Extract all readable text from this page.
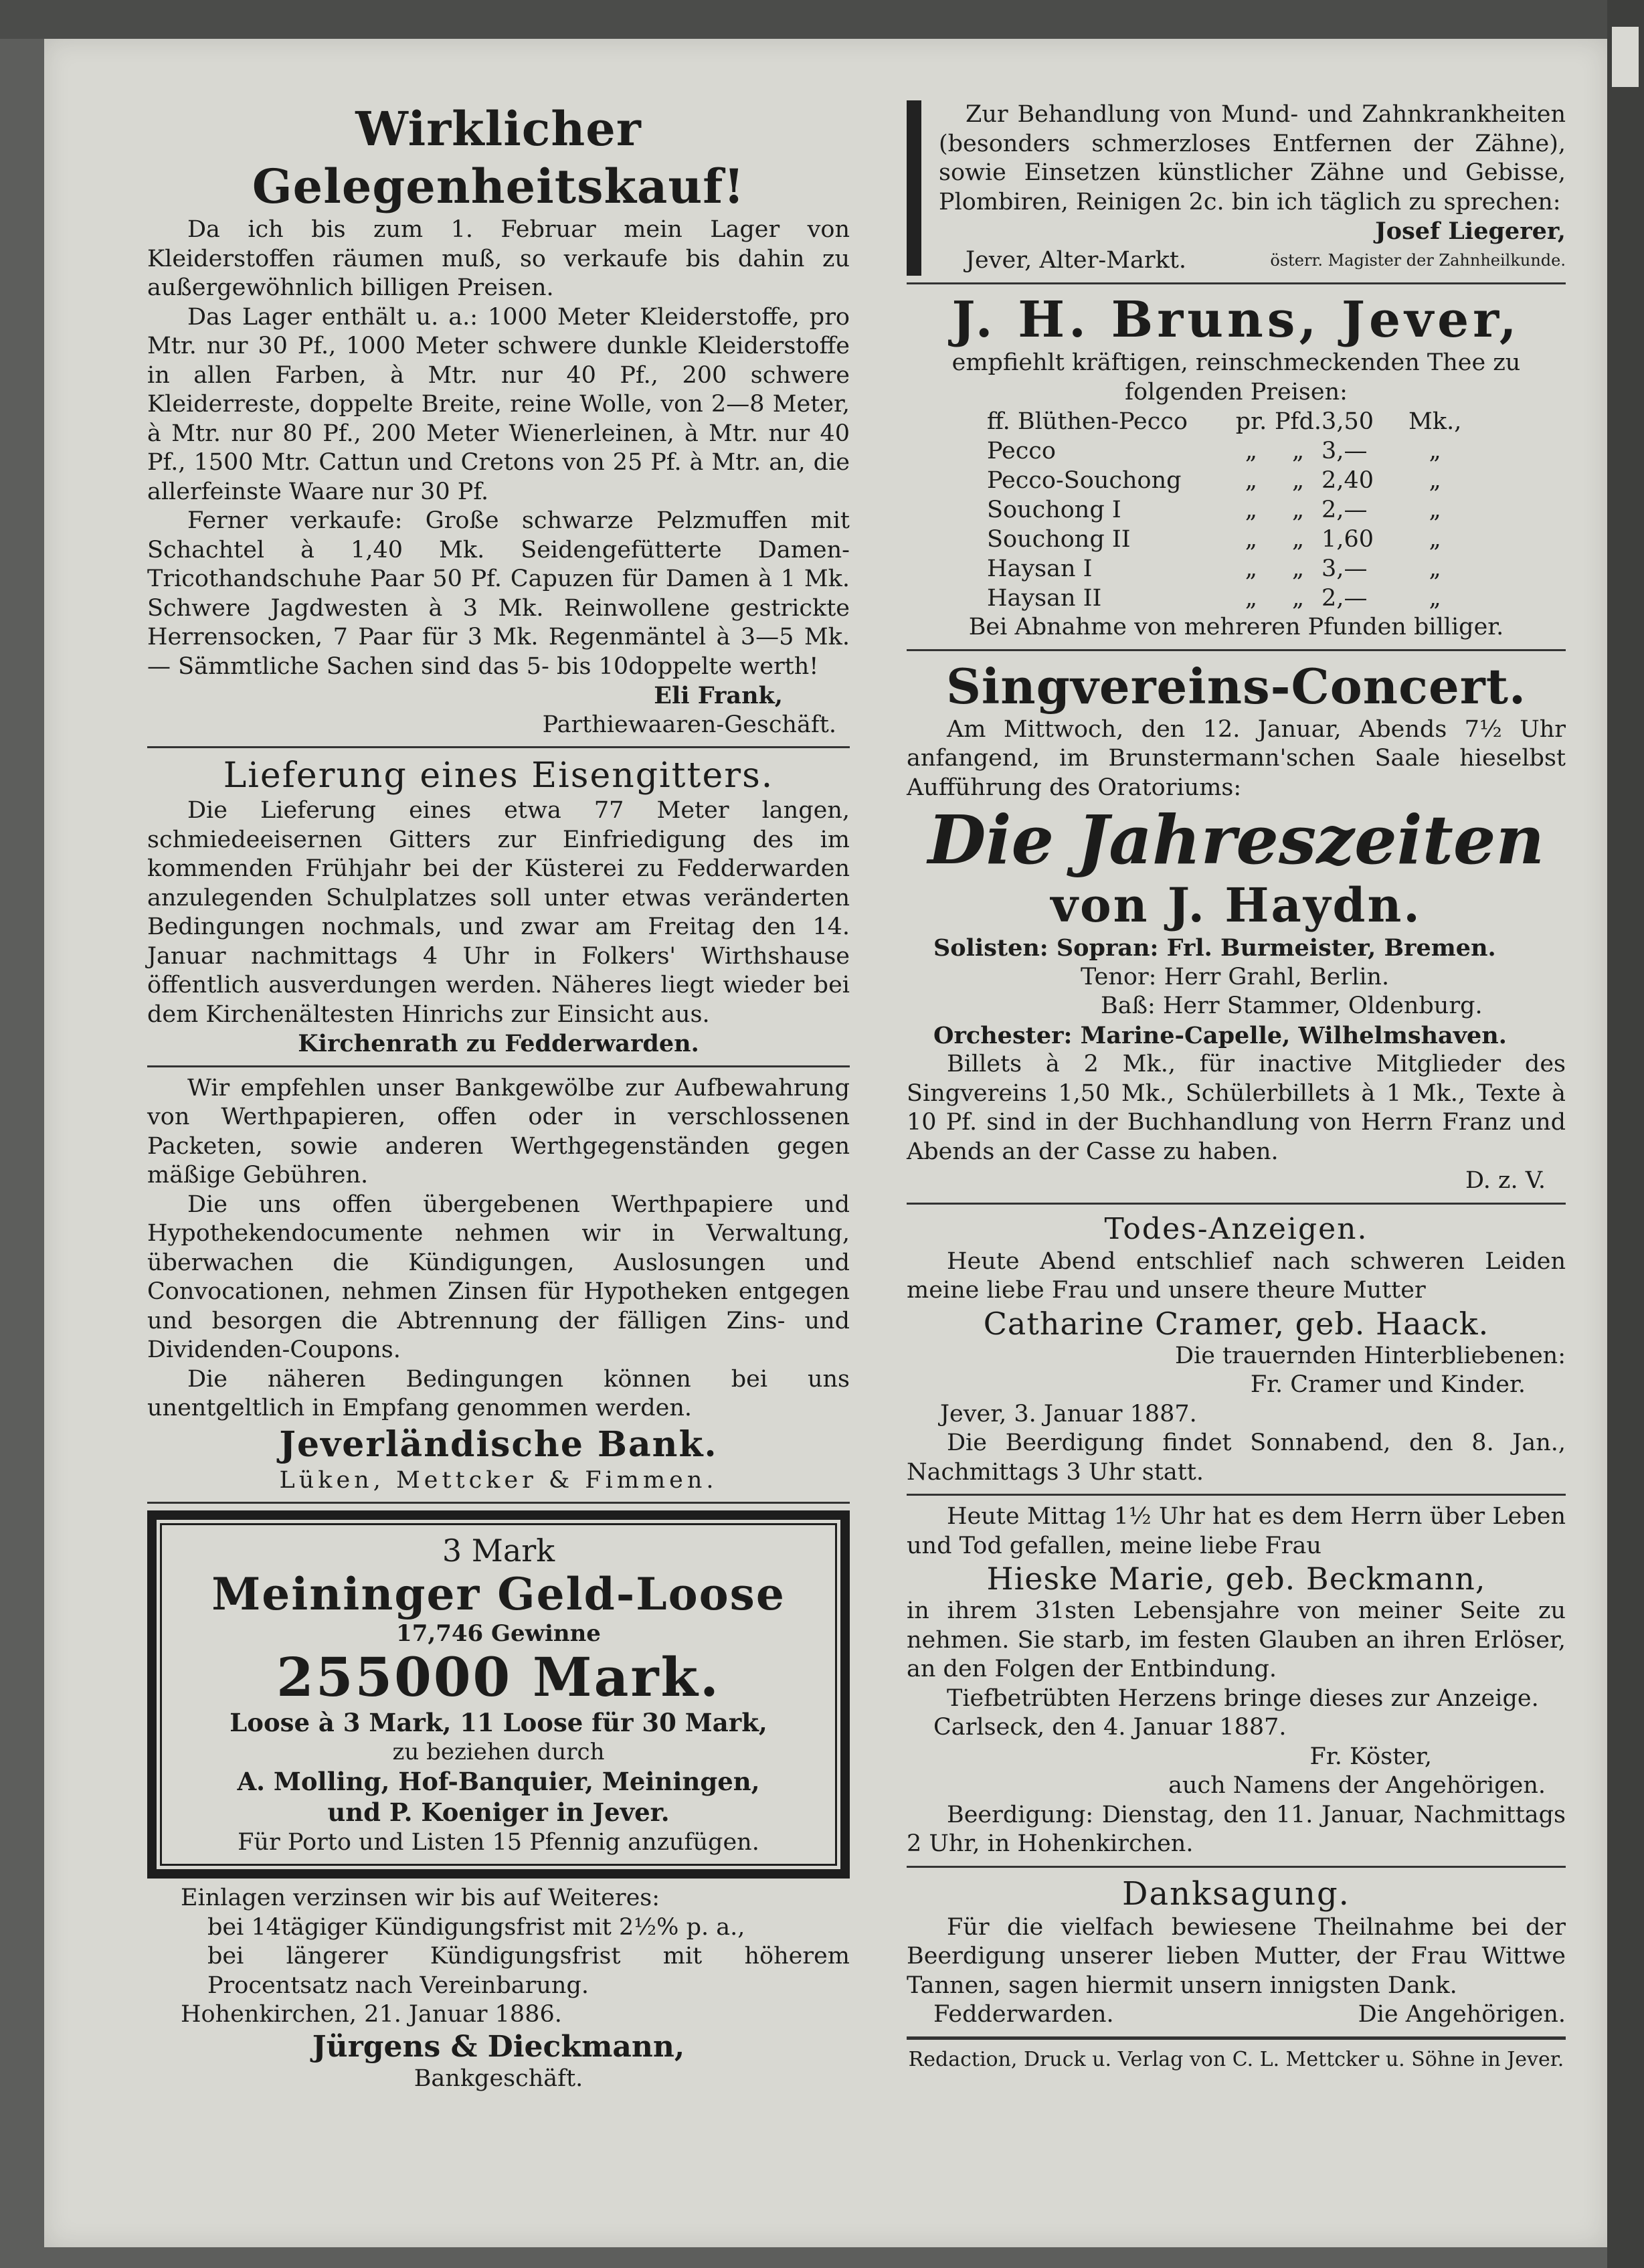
Wirklicher Gelegenheitskauf!

Da ich bis zum 1. Februar mein Lager von Kleiderstoffen räumen muß, so verkaufe bis dahin zu außergewöhnlich billigen Preisen.

Das Lager enthält u. a.: 1000 Meter Kleiderstoffe, pro Mtr. nur 30 Pf., 1000 Meter schwere dunkle Kleiderstoffe in allen Farben, à Mtr. nur 40 Pf., 200 schwere Kleiderreste, doppelte Breite, reine Wolle, von 2—8 Meter, à Mtr. nur 80 Pf., 200 Meter Wienerleinen, à Mtr. nur 40 Pf., 1500 Mtr. Cattun und Cretons von 25 Pf. à Mtr. an, die allerfeinste Waare nur 30 Pf.

Ferner verkaufe: Große schwarze Pelzmuffen mit Schachtel à 1,40 Mk. Seidengefütterte Damen-Tricothandschuhe Paar 50 Pf. Capuzen für Damen à 1 Mk. Schwere Jagdwesten à 3 Mk. Reinwollene gestrickte Herrensocken, 7 Paar für 3 Mk. Regenmäntel à 3—5 Mk. — Sämmtliche Sachen sind das 5- bis 10doppelte werth!

Eli Frank,

Parthiewaaren-Geschäft.

Lieferung eines Eisengitters.

Die Lieferung eines etwa 77 Meter langen, schmiedeeisernen Gitters zur Einfriedigung des im kommenden Frühjahr bei der Küsterei zu Fedderwarden anzulegenden Schulplatzes soll unter etwas veränderten Bedingungen nochmals, und zwar am Freitag den 14. Januar nachmittags 4 Uhr in Folkers' Wirthshause öffentlich ausverdungen werden. Näheres liegt wieder bei dem Kirchenältesten Hinrichs zur Einsicht aus.

Kirchenrath zu Fedderwarden.

Wir empfehlen unser Bankgewölbe zur Aufbewahrung von Werthpapieren, offen oder in verschlossenen Packeten, sowie anderen Werthgegenständen gegen mäßige Gebühren.

Die uns offen übergebenen Werthpapiere und Hypothekendocumente nehmen wir in Verwaltung, überwachen die Kündigungen, Auslosungen und Convocationen, nehmen Zinsen für Hypotheken entgegen und besorgen die Abtrennung der fälligen Zins- und Dividenden-Coupons.

Die näheren Bedingungen können bei uns unentgeltlich in Empfang genommen werden.

Jeverländische Bank.

Lüken, Mettcker & Fimmen.

3 Mark
Meininger Geld-Loose
17,746 Gewinne
255000 Mark.
Loose à 3 Mark, 11 Loose für 30 Mark,
zu beziehen durch
A. Molling, Hof-Banquier, Meiningen,
und P. Koeniger in Jever.
Für Porto und Listen 15 Pfennig anzufügen.

Einlagen verzinsen wir bis auf Weiteres:

bei 14tägiger Kündigungsfrist mit 2½% p. a.,

bei längerer Kündigungsfrist mit höherem Procentsatz nach Vereinbarung.

Hohenkirchen, 21. Januar 1886.

Jürgens & Dieckmann,

Bankgeschäft.

Zur Behandlung von Mund- und Zahnkrankheiten (besonders schmerzloses Entfernen der Zähne), sowie Einsetzen künstlicher Zähne und Gebisse, Plombiren, Reinigen 2c. bin ich täglich zu sprechen:

Josef Liegerer,

Jever, Alter-Markt.	österr. Magister der Zahnheilkunde.
J. H. Bruns, Jever,

empfiehlt kräftigen, reinschmeckenden Thee zu folgenden Preisen:

ff. Blüthen-Pecco	pr.	Pfd.	3,50	Mk.,
Pecco	„	„	3,—	„
Pecco-Souchong	„	„	2,40	„
Souchong I	„	„	2,—	„
Souchong II	„	„	1,60	„
Haysan I	„	„	3,—	„
Haysan II	„	„	2,—	„

Bei Abnahme von mehreren Pfunden billiger.

Singvereins-Concert.

Am Mittwoch, den 12. Januar, Abends 7½ Uhr anfangend, im Brunstermann'schen Saale hieselbst Aufführung des Oratoriums:

Die Jahreszeiten
von J. Haydn.

Solisten: Sopran: Frl. Burmeister, Bremen.

Tenor: Herr Grahl, Berlin.

Baß: Herr Stammer, Oldenburg.

Orchester: Marine-Capelle, Wilhelmshaven.

Billets à 2 Mk., für inactive Mitglieder des Singvereins 1,50 Mk., Schülerbillets à 1 Mk., Texte à 10 Pf. sind in der Buchhandlung von Herrn Franz und Abends an der Casse zu haben.

D. z. V.

Todes-Anzeigen.

Heute Abend entschlief nach schweren Leiden meine liebe Frau und unsere theure Mutter

Catharine Cramer, geb. Haack.

Die trauernden Hinterbliebenen:

Fr. Cramer und Kinder.

Jever, 3. Januar 1887.

Die Beerdigung findet Sonnabend, den 8. Jan., Nachmittags 3 Uhr statt.

Heute Mittag 1½ Uhr hat es dem Herrn über Leben und Tod gefallen, meine liebe Frau

Hieske Marie, geb. Beckmann,

in ihrem 31sten Lebensjahre von meiner Seite zu nehmen. Sie starb, im festen Glauben an ihren Erlöser, an den Folgen der Entbindung.

Tiefbetrübten Herzens bringe dieses zur Anzeige.

Carlseck, den 4. Januar 1887.

Fr. Köster,

auch Namens der Angehörigen.

Beerdigung: Dienstag, den 11. Januar, Nachmittags 2 Uhr, in Hohenkirchen.

Danksagung.

Für die vielfach bewiesene Theilnahme bei der Beerdigung unserer lieben Mutter, der Frau Wittwe Tannen, sagen hiermit unsern innigsten Dank.

Fedderwarden.	Die Angehörigen.

Redaction, Druck u. Verlag von C. L. Mettcker u. Söhne in Jever.
